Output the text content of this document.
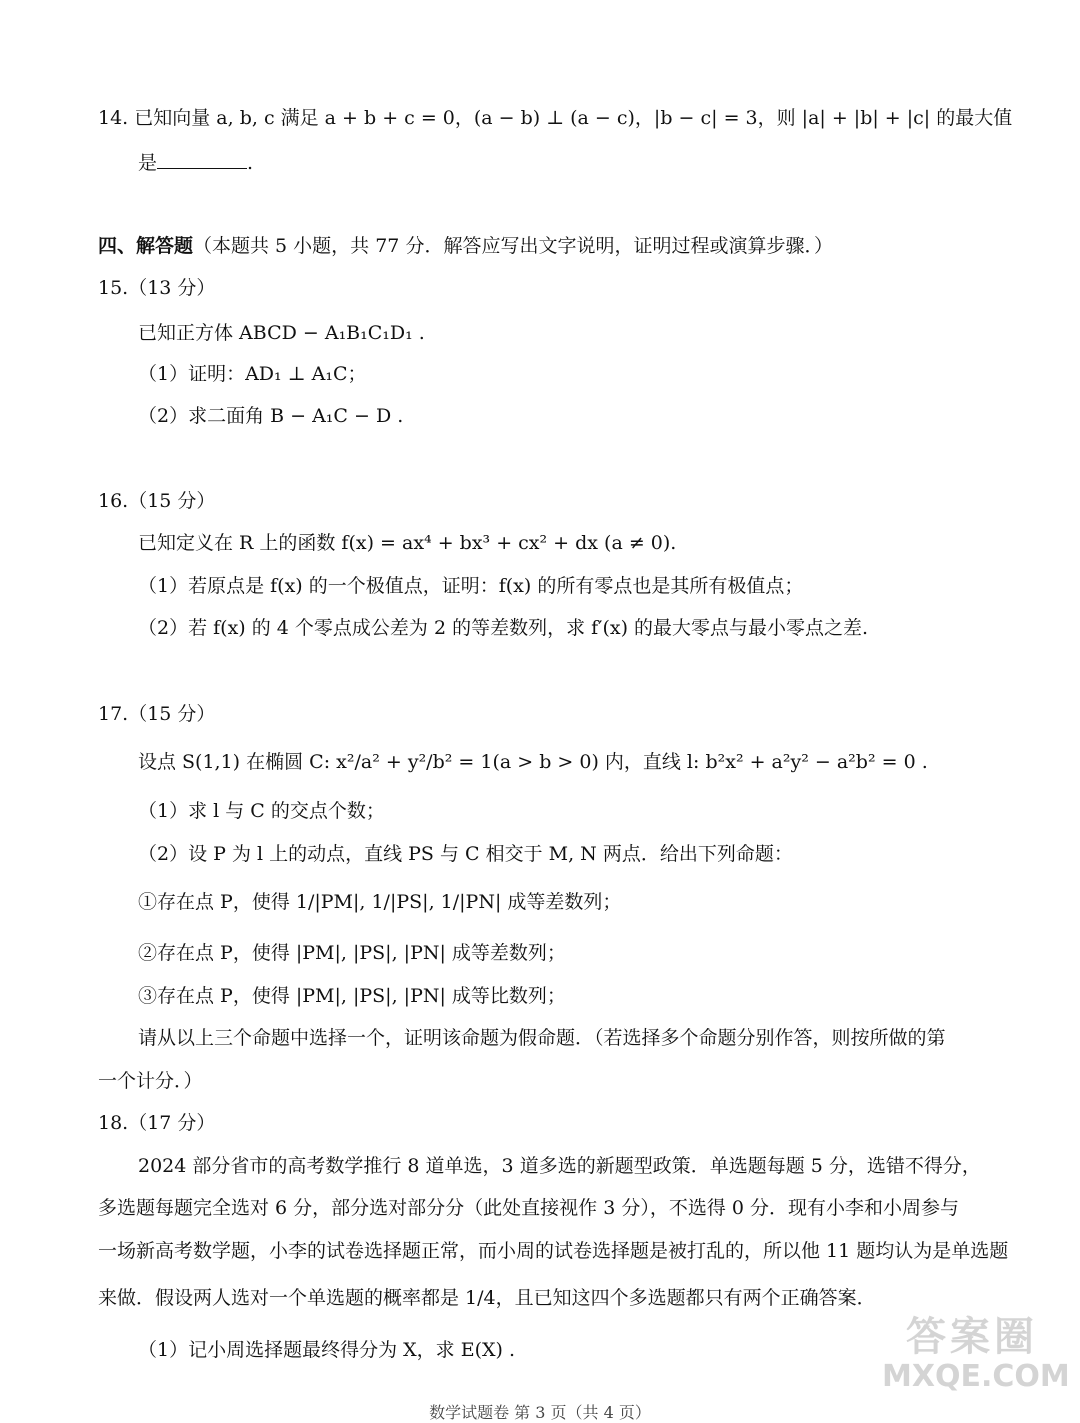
14. 已知向量 a, b, c 满足 a + b + c = 0，(a − b) ⊥ (a − c)，|b − c| = 3，则 |a| + |b| + |c| 的最大值
是	.
四、解答题（本题共 5 小题，共 77 分．解答应写出文字说明，证明过程或演算步骤．）
15.（13 分）
已知正方体 ABCD − A₁B₁C₁D₁ .
（1）证明：AD₁ ⊥ A₁C；
（2）求二面角 B − A₁C − D .
16.（15 分）
已知定义在 R 上的函数 f(x) = ax⁴ + bx³ + cx² + dx (a ≠ 0).
（1）若原点是 f(x) 的一个极值点，证明：f(x) 的所有零点也是其所有极值点；
（2）若 f(x) 的 4 个零点成公差为 2 的等差数列，求 f′(x) 的最大零点与最小零点之差.
17.（15 分）
设点 S(1,1) 在椭圆 C: x²/a² + y²/b² = 1(a > b > 0) 内，直线 l: b²x² + a²y² − a²b² = 0 .
（1）求 l 与 C 的交点个数；
（2）设 P 为 l 上的动点，直线 PS 与 C 相交于 M, N 两点．给出下列命题：
①存在点 P，使得 1/|PM|, 1/|PS|, 1/|PN| 成等差数列；
②存在点 P，使得 |PM|, |PS|, |PN| 成等差数列；
③存在点 P，使得 |PM|, |PS|, |PN| 成等比数列；
请从以上三个命题中选择一个，证明该命题为假命题．（若选择多个命题分别作答，则按所做的第
一个计分．）
18.（17 分）
2024 部分省市的高考数学推行 8 道单选，3 道多选的新题型政策．单选题每题 5 分，选错不得分，
多选题每题完全选对 6 分，部分选对部分分（此处直接视作 3 分），不选得 0 分．现有小李和小周参与
一场新高考数学题，小李的试卷选择题正常，而小周的试卷选择题是被打乱的，所以他 11 题均认为是单选题
来做．假设两人选对一个单选题的概率都是 1/4，且已知这四个多选题都只有两个正确答案．
（1）记小周选择题最终得分为 X，求 E(X) .	答案圈
MXQE.COM
数学试题卷 第 3 页（共 4 页）
